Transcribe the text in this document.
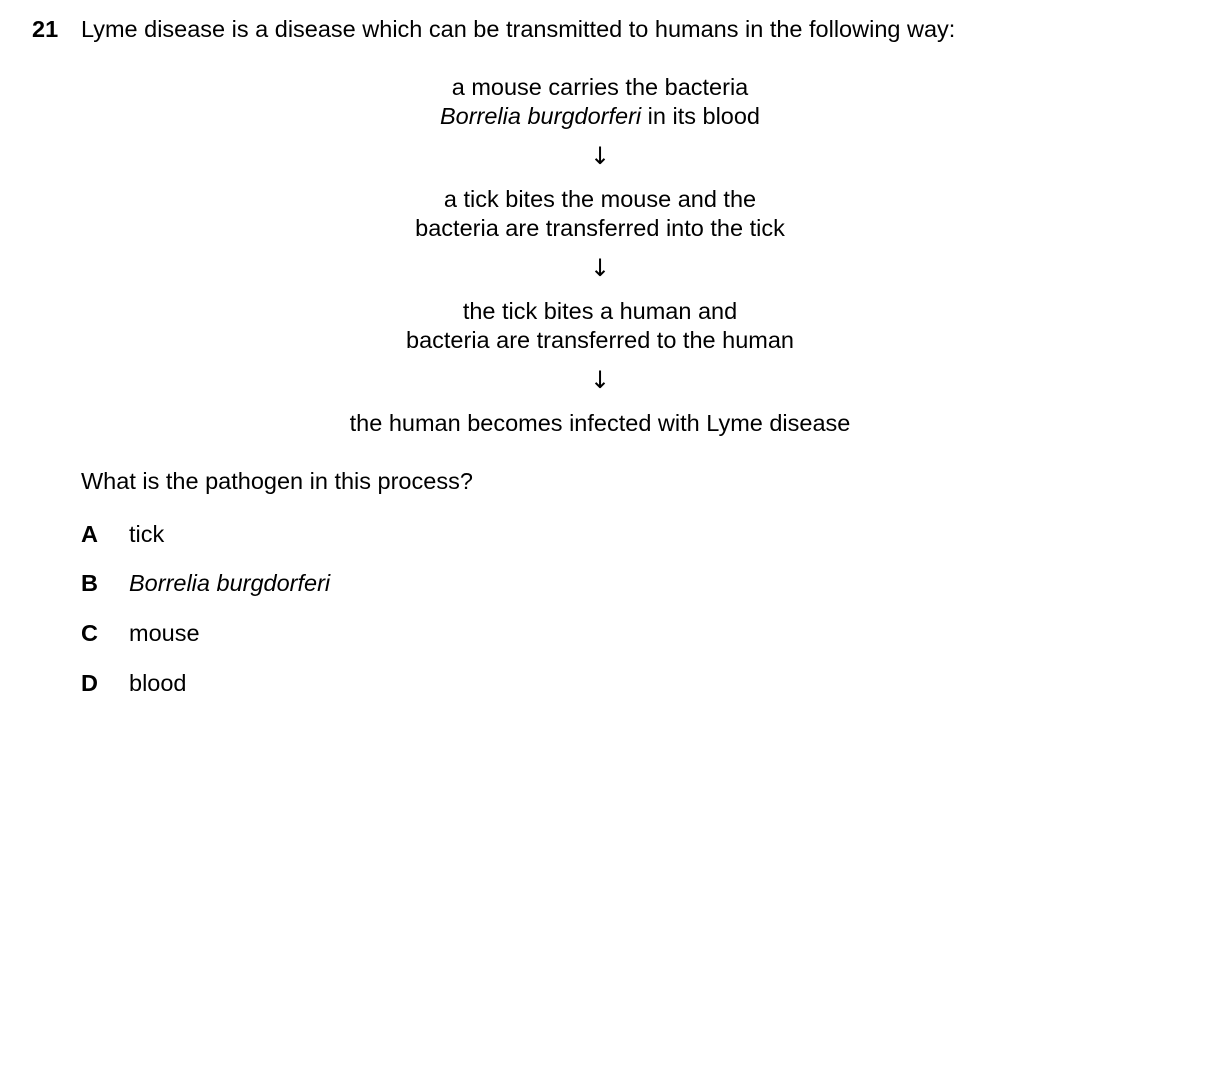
21 Lyme disease is a disease which can be transmitted to humans in the following way:
a mouse carries the bacteria
Borrelia burgdorferi in its blood
↓
a tick bites the mouse and the
bacteria are transferred into the tick
↓
the tick bites a human and
bacteria are transferred to the human
↓
the human becomes infected with Lyme disease
What is the pathogen in this process?
A tick
B Borrelia burgdorferi
C mouse
D blood
